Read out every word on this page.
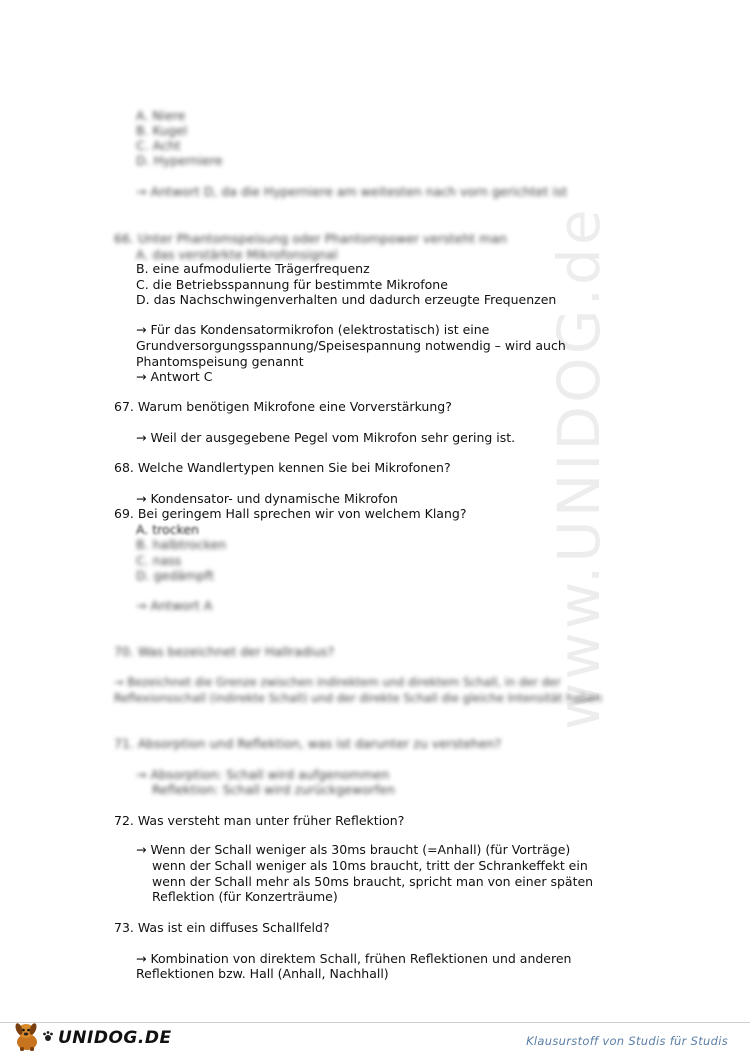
www.UNIDOG.de
A. Niere
B. Kugel
C. Acht
D. Hyperniere
→ Antwort D, da die Hyperniere am weitesten nach vorn gerichtet ist
66. Unter Phantomspeisung oder Phantompower versteht man
A. das verstärkte Mikrofonsignal
B. eine aufmodulierte Trägerfrequenz
C. die Betriebsspannung für bestimmte Mikrofone
D. das Nachschwingenverhalten und dadurch erzeugte Frequenzen
→ Für das Kondensatormikrofon (elektrostatisch) ist eine
Grundversorgungsspannung/Speisespannung notwendig – wird auch
Phantomspeisung genannt
→ Antwort C
67. Warum benötigen Mikrofone eine Vorverstärkung?
→ Weil der ausgegebene Pegel vom Mikrofon sehr gering ist.
68. Welche Wandlertypen kennen Sie bei Mikrofonen?
→ Kondensator- und dynamische Mikrofon
69. Bei geringem Hall sprechen wir von welchem Klang?
A. trocken
B. halbtrocken
C. nass
D. gedämpft
→ Antwort A
70. Was bezeichnet der Hallradius?
→ Bezeichnet die Grenze zwischen indirektem und direktem Schall, in der der
Reflexionsschall (indirekte Schall) und der direkte Schall die gleiche Intensität haben
71. Absorption und Reflektion, was ist darunter zu verstehen?
→ Absorption: Schall wird aufgenommen
Reflektion: Schall wird zurückgeworfen
72. Was versteht man unter früher Reflektion?
→ Wenn der Schall weniger als 30ms braucht (=Anhall) (für Vorträge)
wenn der Schall weniger als 10ms braucht, tritt der Schrankeffekt ein
wenn der Schall mehr als 50ms braucht, spricht man von einer späten
Reflektion (für Konzerträume)
73. Was ist ein diffuses Schallfeld?
→ Kombination von direktem Schall, frühen Reflektionen und anderen
Reflektionen bzw. Hall (Anhall, Nachhall)
UNIDOG.DE	Klausurstoff von Studis für Studis
